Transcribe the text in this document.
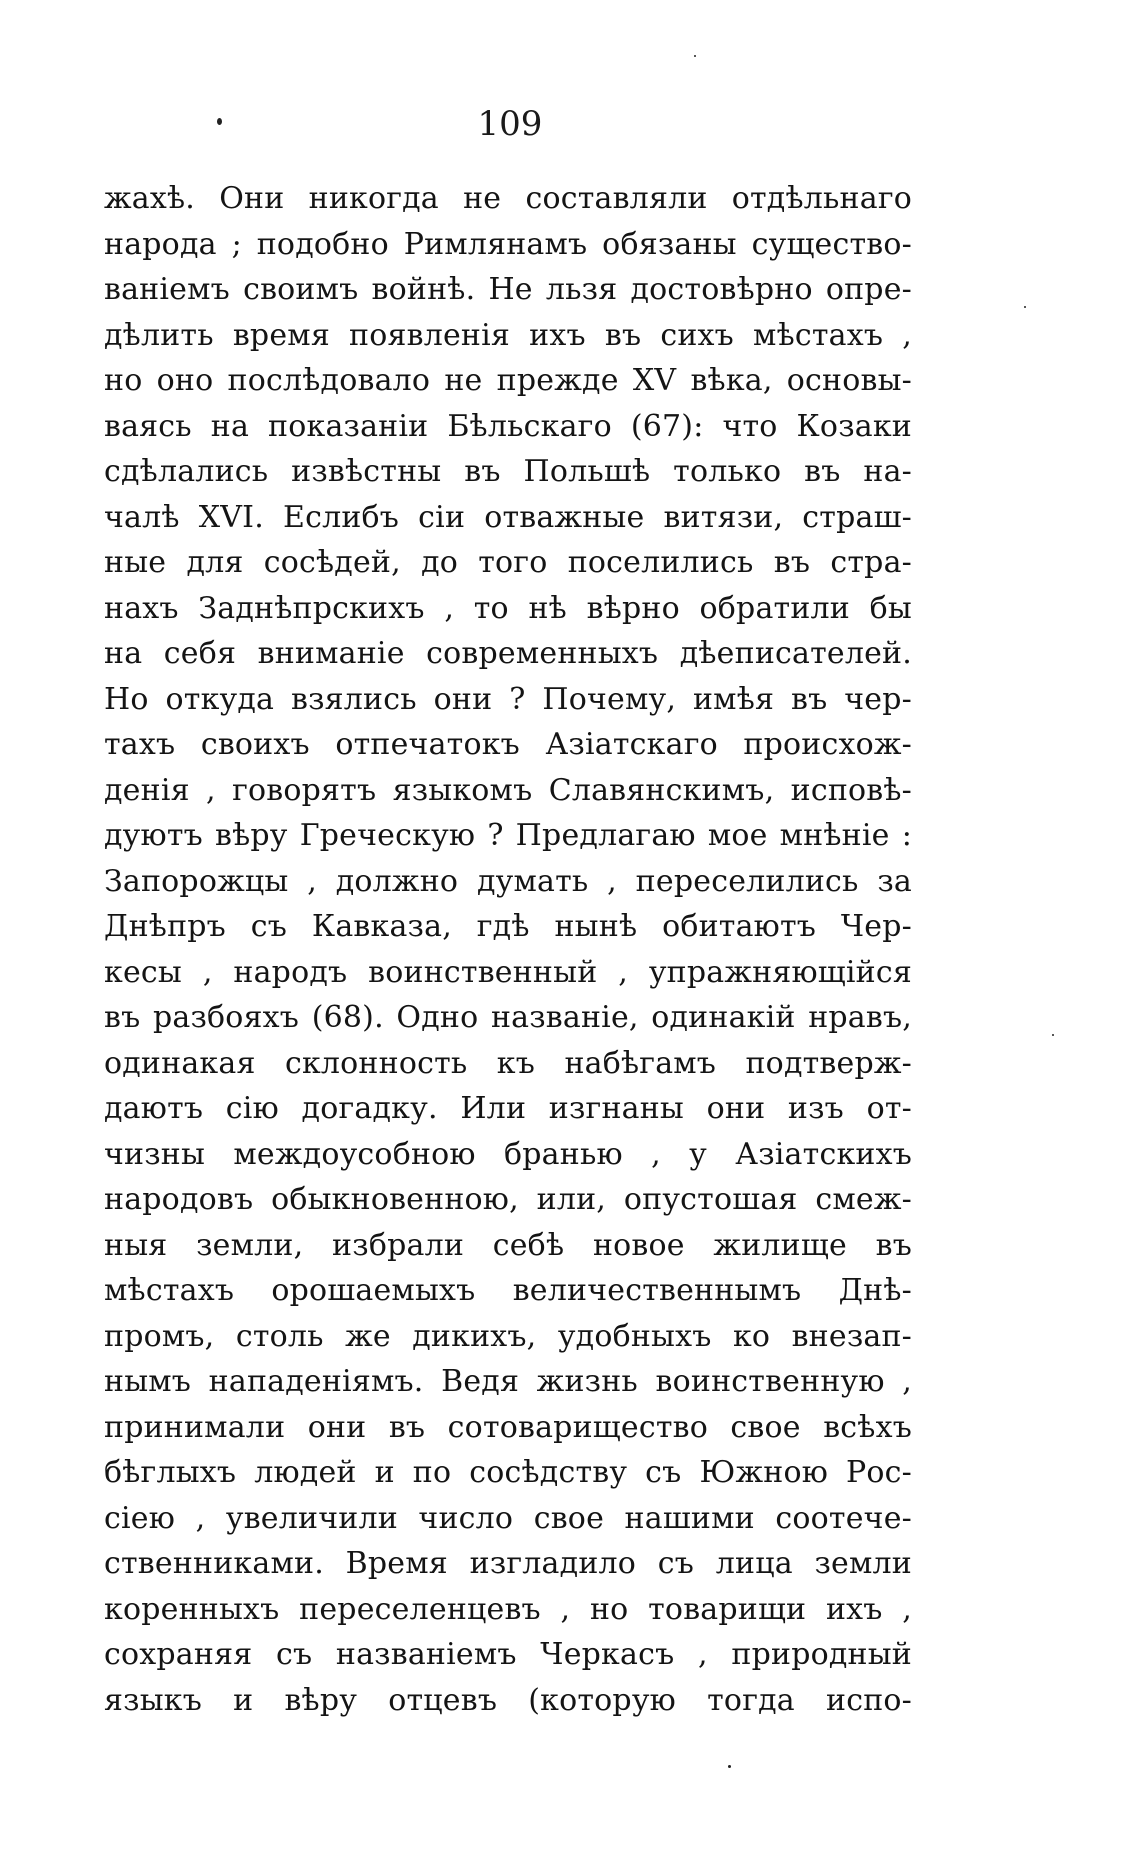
109
жахѣ. Они никогда не составляли отдѣльнаго
народа ; подобно Римлянамъ обязаны существо-
ваніемъ своимъ войнѣ. Не льзя достовѣрно опре-
дѣлить время появленія ихъ въ сихъ мѣстахъ ,
но оно послѣдовало не прежде XV вѣка, основы-
ваясь на показаніи Бѣльскаго (67): что Козаки
сдѣлались извѣстны въ Польшѣ только въ на-
чалѣ XVI. Еслибъ сіи отважные витязи, страш-
ные для сосѣдей, до того поселились въ стра-
нахъ Заднѣпрскихъ , то нѣ вѣрно обратили бы
на себя вниманіе современныхъ дѣеписателей.
Но откуда взялись они ? Почему, имѣя въ чер-
тахъ своихъ отпечатокъ Азіатскаго происхож-
денія , говорятъ языкомъ Славянскимъ, исповѣ-
дуютъ вѣру Греческую ? Предлагаю мое мнѣніе :
Запорожцы , должно думать , переселились за
Днѣпръ съ Кавказа, гдѣ нынѣ обитаютъ Чер-
кесы , народъ воинственный , упражняющійся
въ разбояхъ (68). Одно названіе, одинакій нравъ,
одинакая склонность къ набѣгамъ подтверж-
даютъ сію догадку. Или изгнаны они изъ от-
чизны междоусобною бранью , у Азіатскихъ
народовъ обыкновенною, или, опустошая смеж-
ныя земли, избрали себѣ новое жилище въ
мѣстахъ орошаемыхъ величественнымъ Днѣ-
промъ, столь же дикихъ, удобныхъ ко внезап-
нымъ нападеніямъ. Ведя жизнь воинственную ,
принимали они въ сотоварищество свое всѣхъ
бѣглыхъ людей и по сосѣдству съ Южною Рос-
сіею , увеличили число свое нашими соотече-
ственниками. Время изгладило съ лица земли
коренныхъ переселенцевъ , но товарищи ихъ ,
сохраняя съ названіемъ Черкасъ , природный
языкъ и вѣру отцевъ (которую тогда испо-
